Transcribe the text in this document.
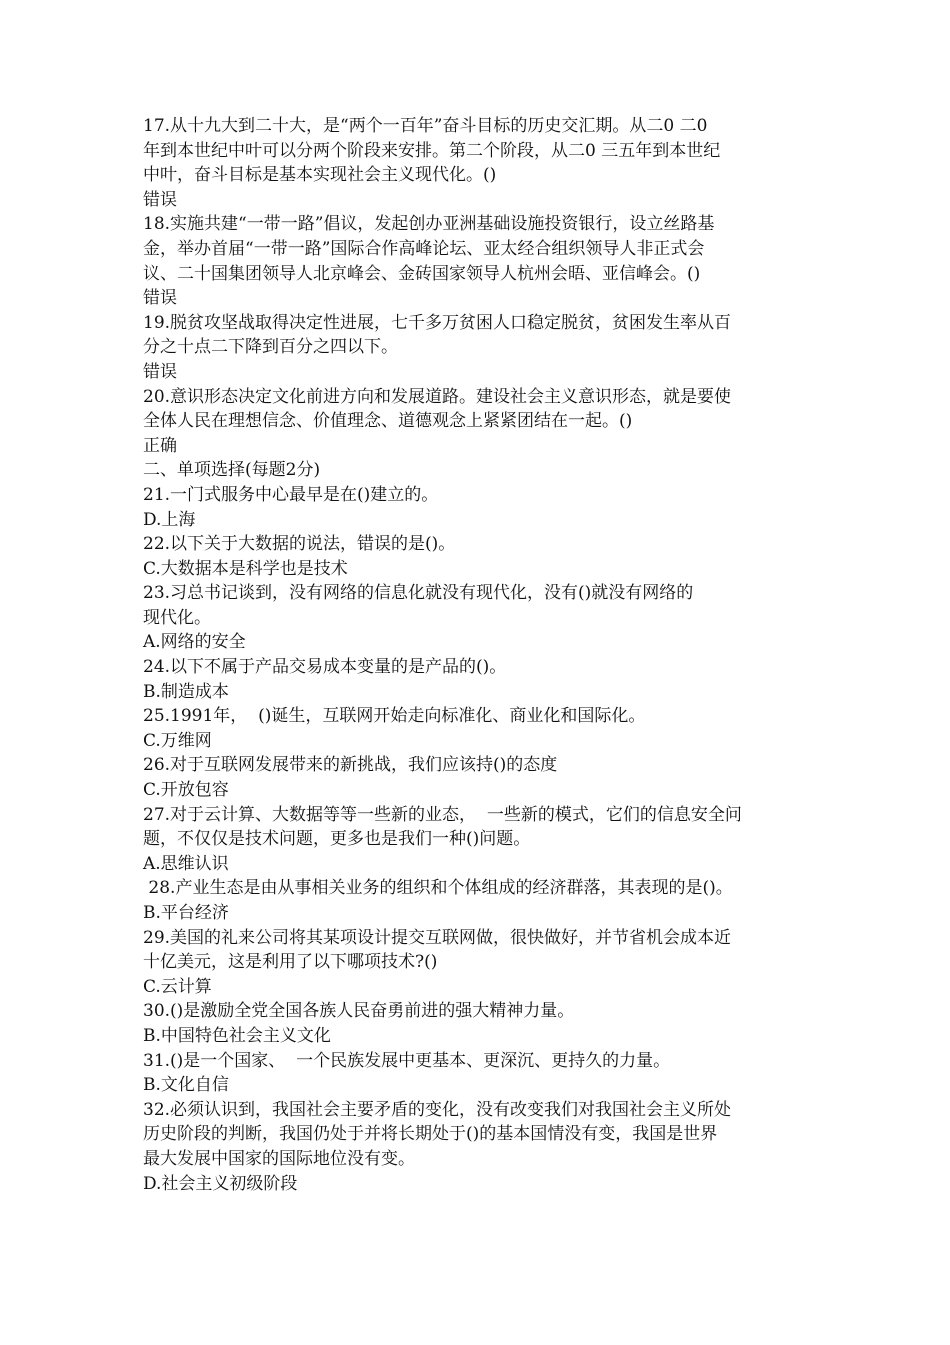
17.从十九大到二十大，是“两个一百年”奋斗目标的历史交汇期。从二0 二0
年到本世纪中叶可以分两个阶段来安排。第二个阶段，从二0 三五年到本世纪
中叶，奋斗目标是基本实现社会主义现代化。()
错误
18.实施共建“一带一路”倡议，发起创办亚洲基础设施投资银行，设立丝路基
金，举办首届“一带一路”国际合作高峰论坛、亚太经合组织领导人非正式会
议、二十国集团领导人北京峰会、金砖国家领导人杭州会晤、亚信峰会。()
错误
19.脱贫攻坚战取得决定性进展，七千多万贫困人口稳定脱贫，贫困发生率从百
分之十点二下降到百分之四以下。
错误
20.意识形态决定文化前进方向和发展道路。建设社会主义意识形态，就是要使
全体人民在理想信念、价值理念、道德观念上紧紧团结在一起。()
正确
二、单项选择(每题2分)
21.一门式服务中心最早是在()建立的。
D.上海
22.以下关于大数据的说法，错误的是()。
C.大数据本是科学也是技术
23.习总书记谈到，没有网络的信息化就没有现代化，没有()就没有网络的
现代化。
A.网络的安全
24.以下不属于产品交易成本变量的是产品的()。
B.制造成本
25.1991年，  ()诞生，互联网开始走向标准化、商业化和国际化。
C.万维网
26.对于互联网发展带来的新挑战，我们应该持()的态度
C.开放包容
27.对于云计算、大数据等等一些新的业态，  一些新的模式，它们的信息安全问
题，不仅仅是技术问题，更多也是我们一种()问题。
A.思维认识
28.产业生态是由从事相关业务的组织和个体组成的经济群落，其表现的是()。
B.平台经济
29.美国的礼来公司将其某项设计提交互联网做，很快做好，并节省机会成本近
十亿美元，这是利用了以下哪项技术?()
C.云计算
30.()是激励全党全国各族人民奋勇前进的强大精神力量。
B.中国特色社会主义文化
31.()是一个国家、  一个民族发展中更基本、更深沉、更持久的力量。
B.文化自信
32.必须认识到，我国社会主要矛盾的变化，没有改变我们对我国社会主义所处
历史阶段的判断，我国仍处于并将长期处于()的基本国情没有变，我国是世界
最大发展中国家的国际地位没有变。
D.社会主义初级阶段
